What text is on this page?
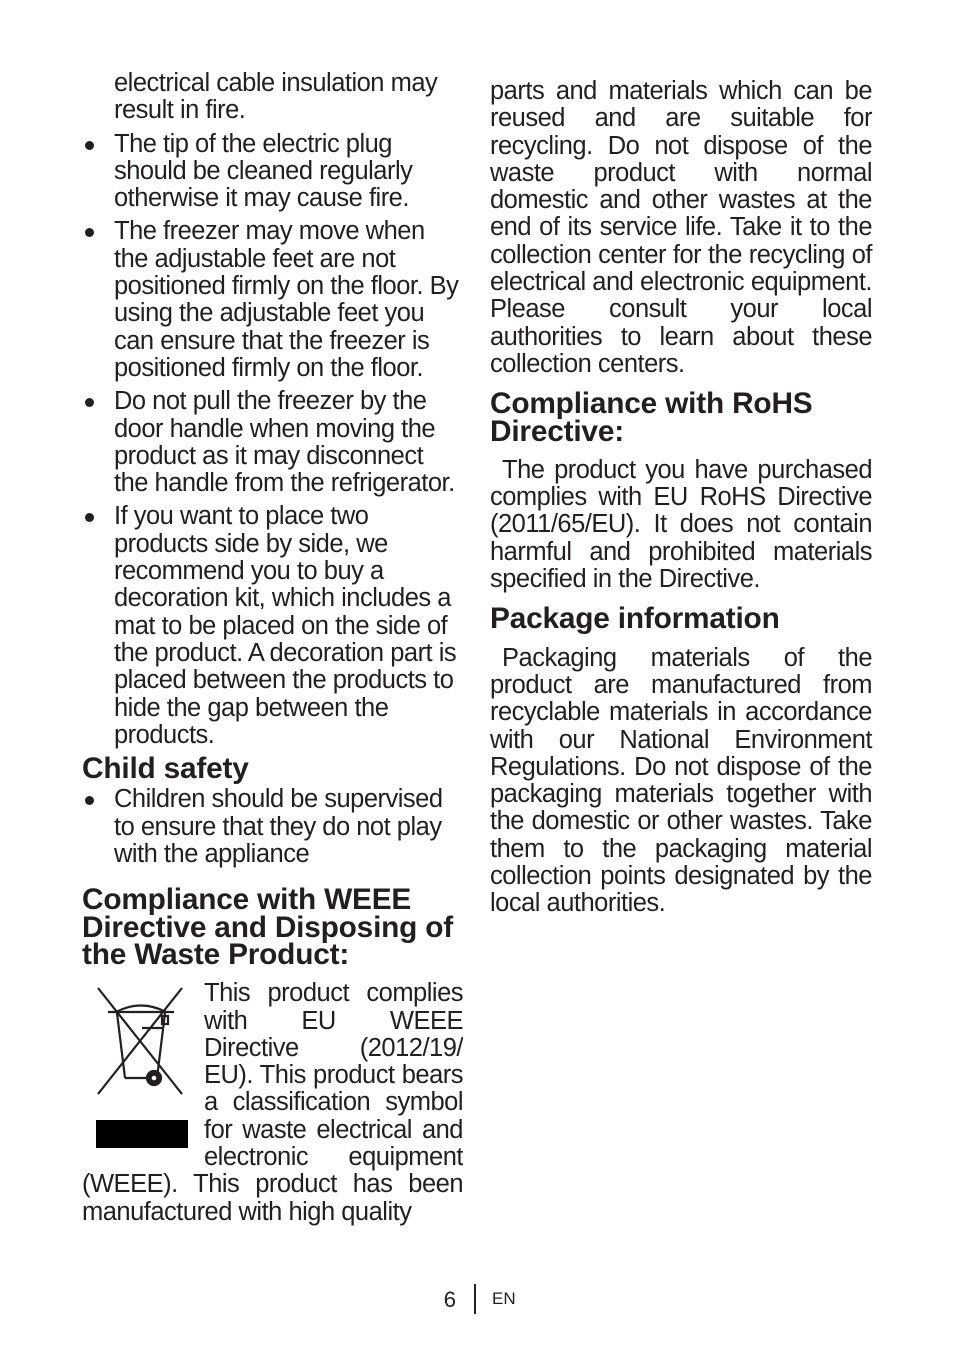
electrical cable insulation may result in fire.

The tip of the electric plug should be cleaned regularly otherwise it may cause fire.
The freezer may move when the adjustable feet are not positioned firmly on the floor. By using the adjustable feet you can ensure that the freezer is positioned firmly on the floor.
Do not pull the freezer by the door handle when moving the product as it may disconnect the handle from the refrigerator.
If you want to place two products side by side, we recommend you to buy a decoration kit, which includes a mat to be placed on the side of the product. A decoration part is placed between the products to hide the gap between the products.
Child safety
Children should be supervised to ensure that they do not play with the appliance
Compliance with WEEE Directive and Disposing of the Waste Product:

This product complies with EU WEEE Directive (2012/19/ EU). This product bears a classification symbol for waste electrical and electronic equipment (WEEE). This product has been manufactured with high quality

parts and materials which can be reused and are suitable for recycling. Do not dispose of the waste product with normal domestic and other wastes at the end of its service life. Take it to the collection center for the recycling of electrical and electronic equipment. Please consult your local authorities to learn about these collection centers.

Compliance with RoHS Directive:

The product you have purchased complies with EU RoHS Directive (2011/65/EU). It does not contain harmful and prohibited materials specified in the Directive.

Package information

Packaging materials of the product are manufactured from recyclable materials in accordance with our National Environment Regulations. Do not dispose of the packaging materials together with the domestic or other wastes. Take them to the packaging material collection points designated by the local authorities.

6 EN
